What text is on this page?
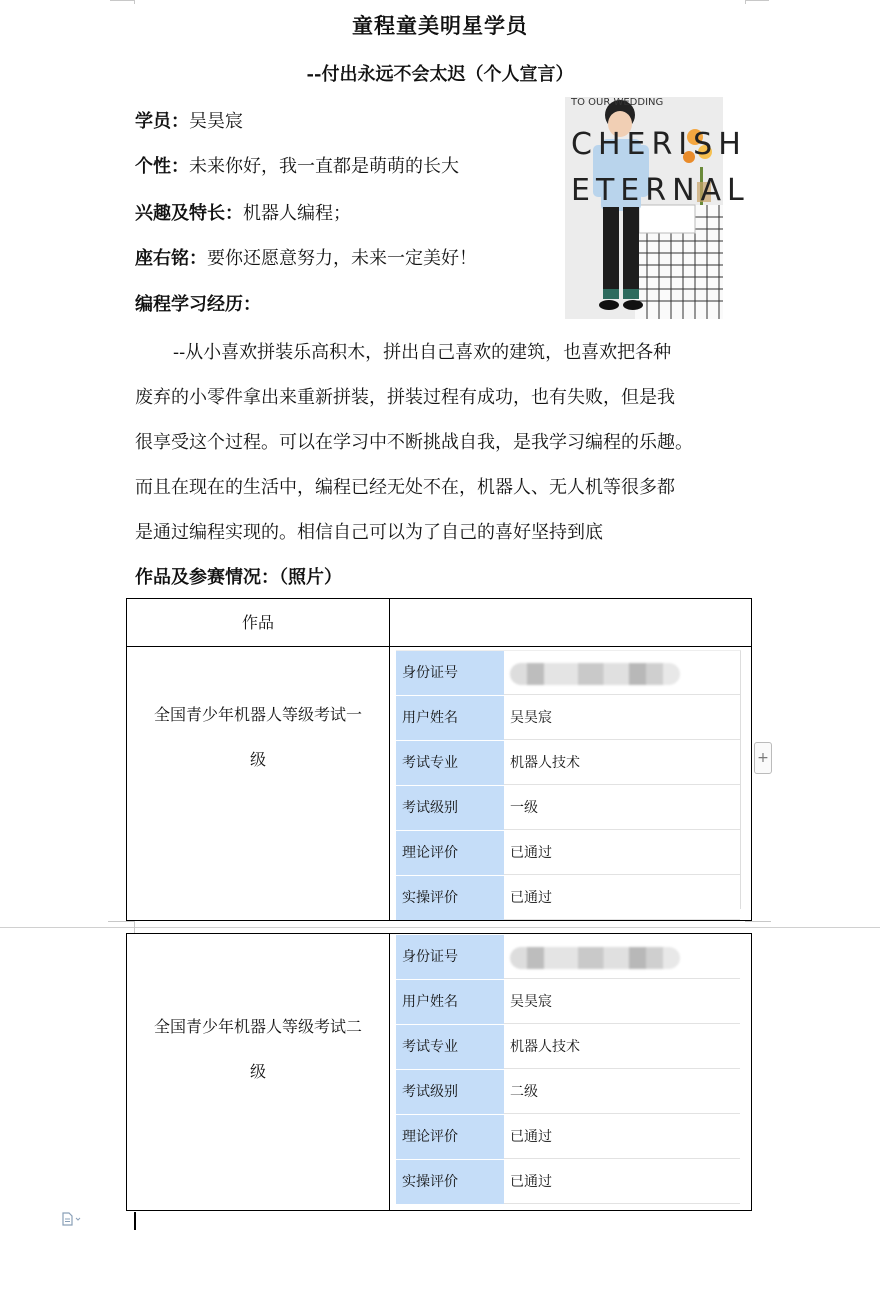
童程童美明星学员
--付出永远不会太迟（个人宣言）
学员：吴昊宸
个性：未来你好，我一直都是萌萌的长大
兴趣及特长：机器人编程；
座右铭：要你还愿意努力，未来一定美好！
编程学习经历：
TO OUR WEDDING
CHERISH
ETERNAL
--从小喜欢拼装乐高积木，拼出自己喜欢的建筑，也喜欢把各种
废弃的小零件拿出来重新拼装，拼装过程有成功，也有失败，但是我
很享受这个过程。可以在学习中不断挑战自我，是我学习编程的乐趣。
而且在现在的生活中，编程已经无处不在，机器人、无人机等很多都
是通过编程实现的。相信自己可以为了自己的喜好坚持到底
作品及参赛情况：（照片）
作品
全国青少年机器人等级考试一
级
身份证号
用户姓名	吴昊宸
考试专业	机器人技术
考试级别	一级
理论评价	已通过
实操评价	已通过
+
全国青少年机器人等级考试二
级
身份证号
用户姓名	吴昊宸
考试专业	机器人技术
考试级别	二级
理论评价	已通过
实操评价	已通过
